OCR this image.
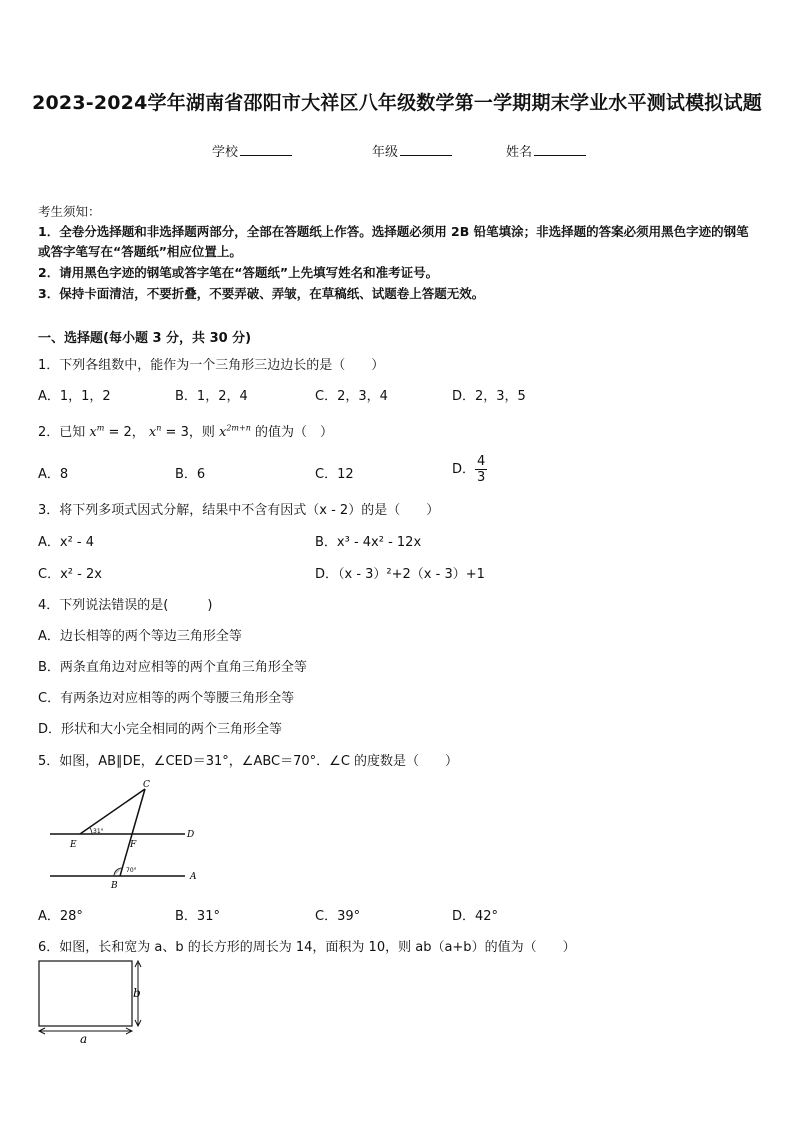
2023-2024学年湖南省邵阳市大祥区八年级数学第一学期期末学业水平测试模拟试题
学校	年级	姓名
考生须知：
1．全卷分选择题和非选择题两部分，全部在答题纸上作答。选择题必须用 2B 铅笔填涂；非选择题的答案必须用黑色字迹的钢笔或答字笔写在“答题纸”相应位置上。
2．请用黑色字迹的钢笔或答字笔在“答题纸”上先填写姓名和准考证号。
3．保持卡面清洁，不要折叠，不要弄破、弄皱，在草稿纸、试题卷上答题无效。
一、选择题(每小题 3 分，共 30 分)
1．下列各组数中，能作为一个三角形三边边长的是（　　）
A．1，1，2	B．1，2，4	C．2，3，4	D．2，3，5
2．已知 $x^m = 2$， $x^n = 3$，则 $x^{2m+n}$ 的值为（　）
A．8	B．6	C．12	D． $\frac{4}{3}$
3．将下列多项式因式分解，结果中不含有因式（x - 2）的是（　　）
A．x² - 4	B．x³ - 4x² - 12x
C．x² - 2x	D．（x - 3）²+2（x - 3）+1
4．下列说法错误的是(　　　)
A．边长相等的两个等边三角形全等
B．两条直角边对应相等的两个直角三角形全等
C．有两条边对应相等的两个等腰三角形全等
D．形状和大小完全相同的两个三角形全等
5．如图，AB∥DE，∠CED＝31°，∠ABC＝70°．∠C 的度数是（　　）
C
D
E	F
B
A
31°
70°
A．28°	B．31°	C．39°	D．42°
6．如图，长和宽为 a、b 的长方形的周长为 14，面积为 10，则 ab（a+b）的值为（　　）
b
a
